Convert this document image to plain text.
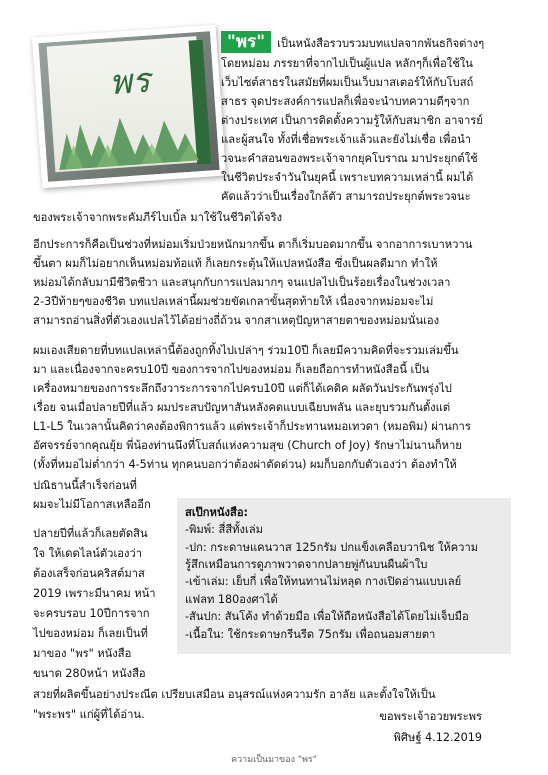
พร
"พร" เป็นหนังสือรวบรวมบทแปลจากพันธกิจต่างๆ
โดยหม่อม ภรรยาที่จากไปเป็นผู้แปล หลักๆก็เพื่อใช้ใน
เว็บไซต์สาธรในสมัยที่ผมเป็นเว็บมาสเตอร์ให้กับโบสถ์
สาธร จุดประสงค์การแปลก็เพื่อจะนำบทความดีๆจาก
ต่างประเทศ เป็นการติดตั้งความรู้ให้กับสมาชิก อาจารย์
และผู้สนใจ ทั้งที่เชื่อพระเจ้าแล้วและยังไม่เชื่อ เพื่อนำ
วจนะคำสอนของพระเจ้าจากยุคโบราณ มาประยุกต์ใช้
ในชีวิตประจำวันในยุคนี้ เพราะบทความเหล่านี้ ผมได้
คัดแล้วว่าเป็นเรื่องใกล้ตัว สามารถประยุกต์พระวจนะ
ของพระเจ้าจากพระคัมภีร์ไบเบิ้ล มาใช้ในชีวิตได้จริง
อีกประการก็คือเป็นช่วงที่หม่อมเริ่มป่วยหนักมากขึ้น ตาก็เริ่มบอดมากขึ้น จากอาการเบาหวาน
ขึ้นตา ผมก็ไม่อยากเห็นหม่อมท้อแท้ ก็เลยกระตุ้นให้แปลหนังสือ ซึ่งเป็นผลดีมาก ทำให้
หม่อมได้กลับมามีชีวิตชีวา และสนุกกับการแปลมากๆ จนแปลไปเป็นร้อยเรื่องในช่วงเวลา
2-3ปีท้ายๆของชีวิต บทแปลเหล่านี้ผมช่วยขัดเกลาขั้นสุดท้ายให้ เนื่องจากหม่อมจะไม่
สามารถอ่านสิ่งที่ตัวเองแปลไว้ได้อย่างถี่ถ้วน จากสาเหตุปัญหาสายตาของหม่อมนั่นเอง
ผมเองเสียดายที่บทแปลเหล่านี้ต้องถูกทิ้งไปเปล่าๆ ร่วม10ปี ก็เลยมีความคิดที่จะรวมเล่มขึ้น
มา และเนื่องจากจะครบ10ปี ของการจากไปของหม่อม ก็เลยถือการทำหนังสือนี้ เป็น
เครื่องหมายของการระลึกถึงวาระการจากไปครบ10ปี แต่ก็ได้เคดิค ผลัดวันประกันพรุ่งไป
เรื่อย จนเมื่อปลายปีที่แล้ว ผมประสบปัญหาสันหลังคดแบบเฉียบพลัน และยุบรวมกันตั้งแต่
L1-L5 ในเวลานั้นคิดว่าคงต้องพิการแล้ว แต่พระเจ้าก็ประทานหมอเทวดา (หมอพิม) ผ่านการ
อัศจรรย์จากคุณยุ้ย พี่น้องท่านนึงที่โบสถ์แห่งความสุข (Church of Joy) รักษาไม่นานก็หาย
(ทั้งที่หมอไม่ต่ำกว่า 4-5ท่าน ทุกคนบอกว่าต้องผ่าตัดด่วน) ผมก็บอกกับตัวเองว่า ต้องทำให้
ปณิธานนี้สำเร็จก่อนที่
ผมจะไม่มีโอกาสเหลืออีก
สเป๊กหนังสือ:
-พิมพ์: สี่สีทั้งเล่ม
-ปก: กระดาษแคนวาส 125กรัม ปกแข็งเคลือบวานิช ให้ความ
รู้สึกเหมือนการดูภาพวาดจากปลายพู่กันบนผืนผ้าใบ
-เข้าเล่ม: เย็บกี่ เพื่อให้ทนทานไม่หลุด กางเปิดอ่านแบบเลย์
แฟลท 180องศาได้
-สันปก: สันโค้ง ทำด้วยมือ เพื่อให้ถือหนังสือได้โดยไม่เจ็บมือ
-เนื้อใน: ใช้กระดาษกรีนรีด 75กรัม เพื่อถนอมสายตา
ปลายปีที่แล้วก็เลยตัดสิน
ใจ ให้เดดไลน์ตัวเองว่า
ต้องเสร็จก่อนคริสต์มาส
2019 เพราะมีนาคม หน้า
จะครบรอบ 10ปีการจาก
ไปของหม่อม ก็เลยเป็นที่
มาของ "พร" หนังสือ
ขนาด 280หน้า หนังสือ
สวยที่ผลิตขึ้นอย่างประณีต เปรียบเสมือน อนุสรณ์แห่งความรัก อาลัย และตั้งใจให้เป็น
"พระพร" แก่ผู้ที่ได้อ่าน.	ขอพระเจ้าอวยพระพร
พิศิษฐ์ 4.12.2019
ความเป็นมาของ "พร"
